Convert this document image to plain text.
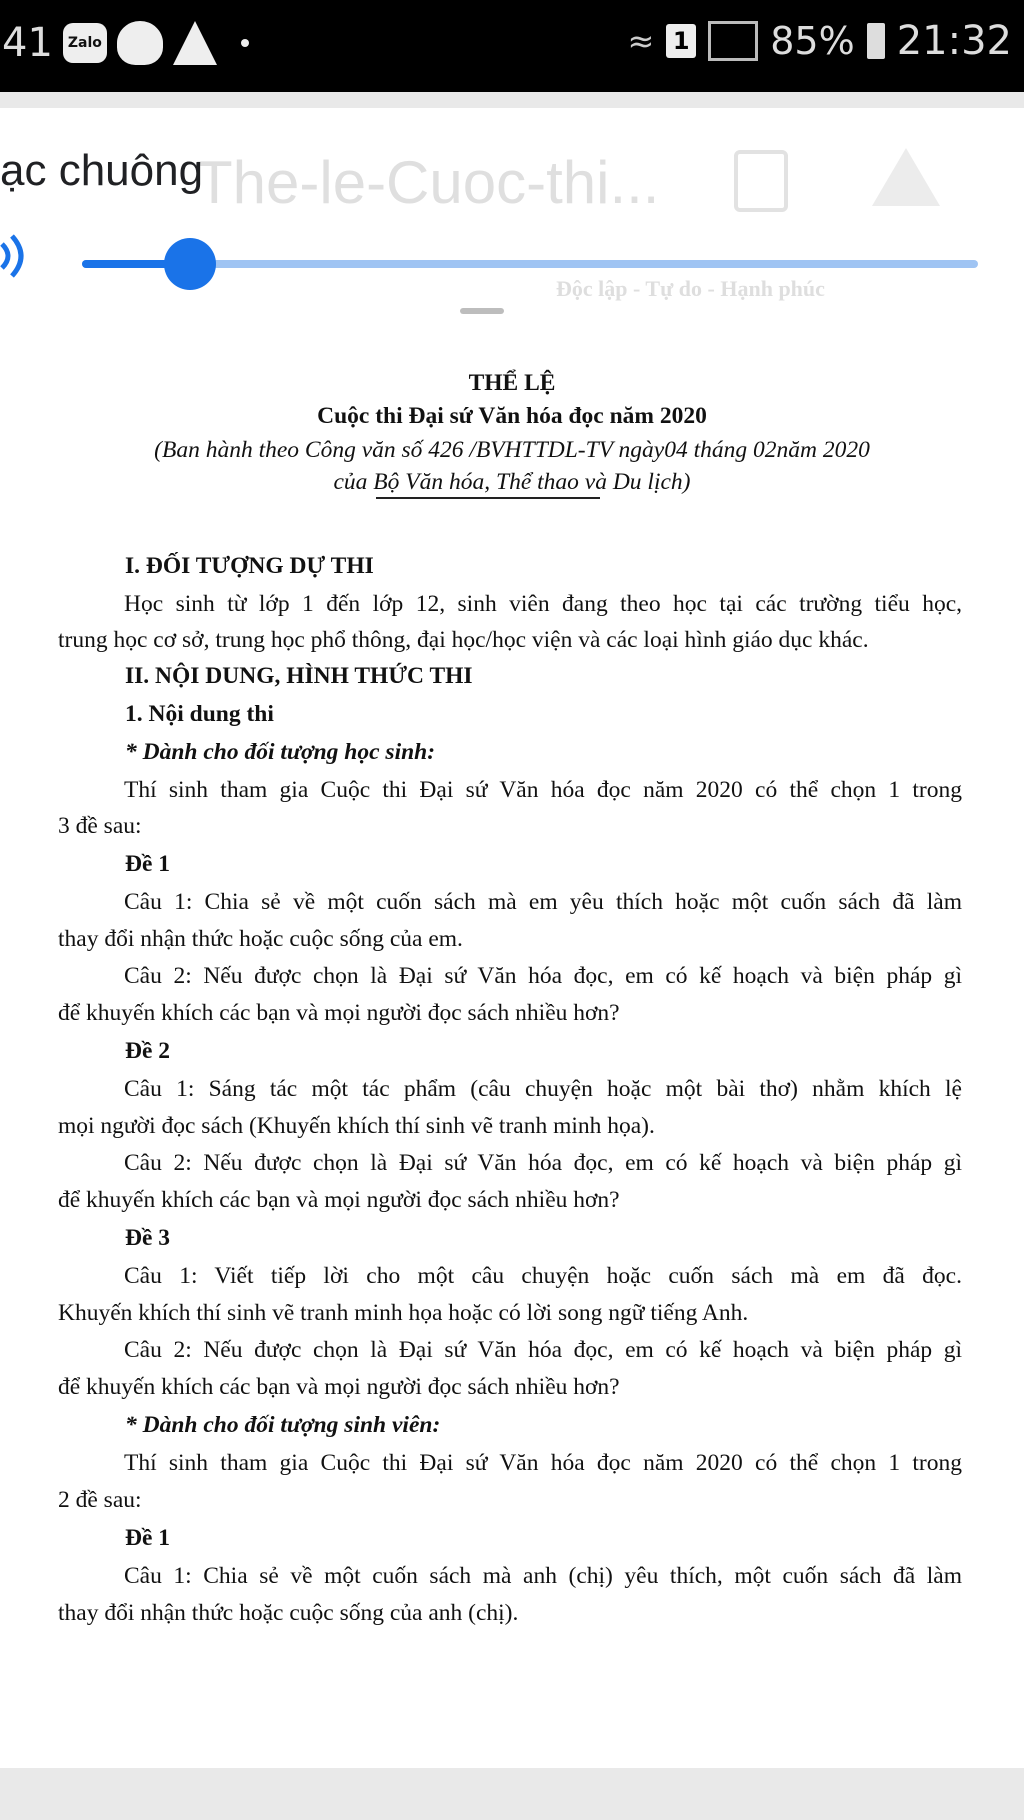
41	Zalo	≈ 1 85% 21:32
The-le-Cuoc-thi...
ạc chuông
Độc lập - Tự do - Hạnh phúc
THỂ LỆ
Cuộc thi Đại sứ Văn hóa đọc năm 2020
(Ban hành theo Công văn số 426 /BVHTTDL-TV ngày04 tháng 02năm 2020
của Bộ Văn hóa, Thể thao và Du lịch)
I. ĐỐI TƯỢNG DỰ THI
Học sinh từ lớp 1 đến lớp 12, sinh viên đang theo học tại các trường tiểu học,
trung học cơ sở, trung học phổ thông, đại học/học viện và các loại hình giáo dục khác.
II. NỘI DUNG, HÌNH THỨC THI
1. Nội dung thi
* Dành cho đối tượng học sinh:
Thí sinh tham gia Cuộc thi Đại sứ Văn hóa đọc năm 2020 có thể chọn 1 trong
3 đề sau:
Đề 1
Câu 1: Chia sẻ về một cuốn sách mà em yêu thích hoặc một cuốn sách đã làm
thay đổi nhận thức hoặc cuộc sống của em.
Câu 2: Nếu được chọn là Đại sứ Văn hóa đọc, em có kế hoạch và biện pháp gì
để khuyến khích các bạn và mọi người đọc sách nhiều hơn?
Đề 2
Câu 1: Sáng tác một tác phẩm (câu chuyện hoặc một bài thơ) nhằm khích lệ
mọi người đọc sách (Khuyến khích thí sinh vẽ tranh minh họa).
Câu 2: Nếu được chọn là Đại sứ Văn hóa đọc, em có kế hoạch và biện pháp gì
để khuyến khích các bạn và mọi người đọc sách nhiều hơn?
Đề 3
Câu 1: Viết tiếp lời cho một câu chuyện hoặc cuốn sách mà em đã đọc.
Khuyến khích thí sinh vẽ tranh minh họa hoặc có lời song ngữ tiếng Anh.
Câu 2: Nếu được chọn là Đại sứ Văn hóa đọc, em có kế hoạch và biện pháp gì
để khuyến khích các bạn và mọi người đọc sách nhiều hơn?
* Dành cho đối tượng sinh viên:
Thí sinh tham gia Cuộc thi Đại sứ Văn hóa đọc năm 2020 có thể chọn 1 trong
2 đề sau:
Đề 1
Câu 1: Chia sẻ về một cuốn sách mà anh (chị) yêu thích, một cuốn sách đã làm
thay đổi nhận thức hoặc cuộc sống của anh (chị).
